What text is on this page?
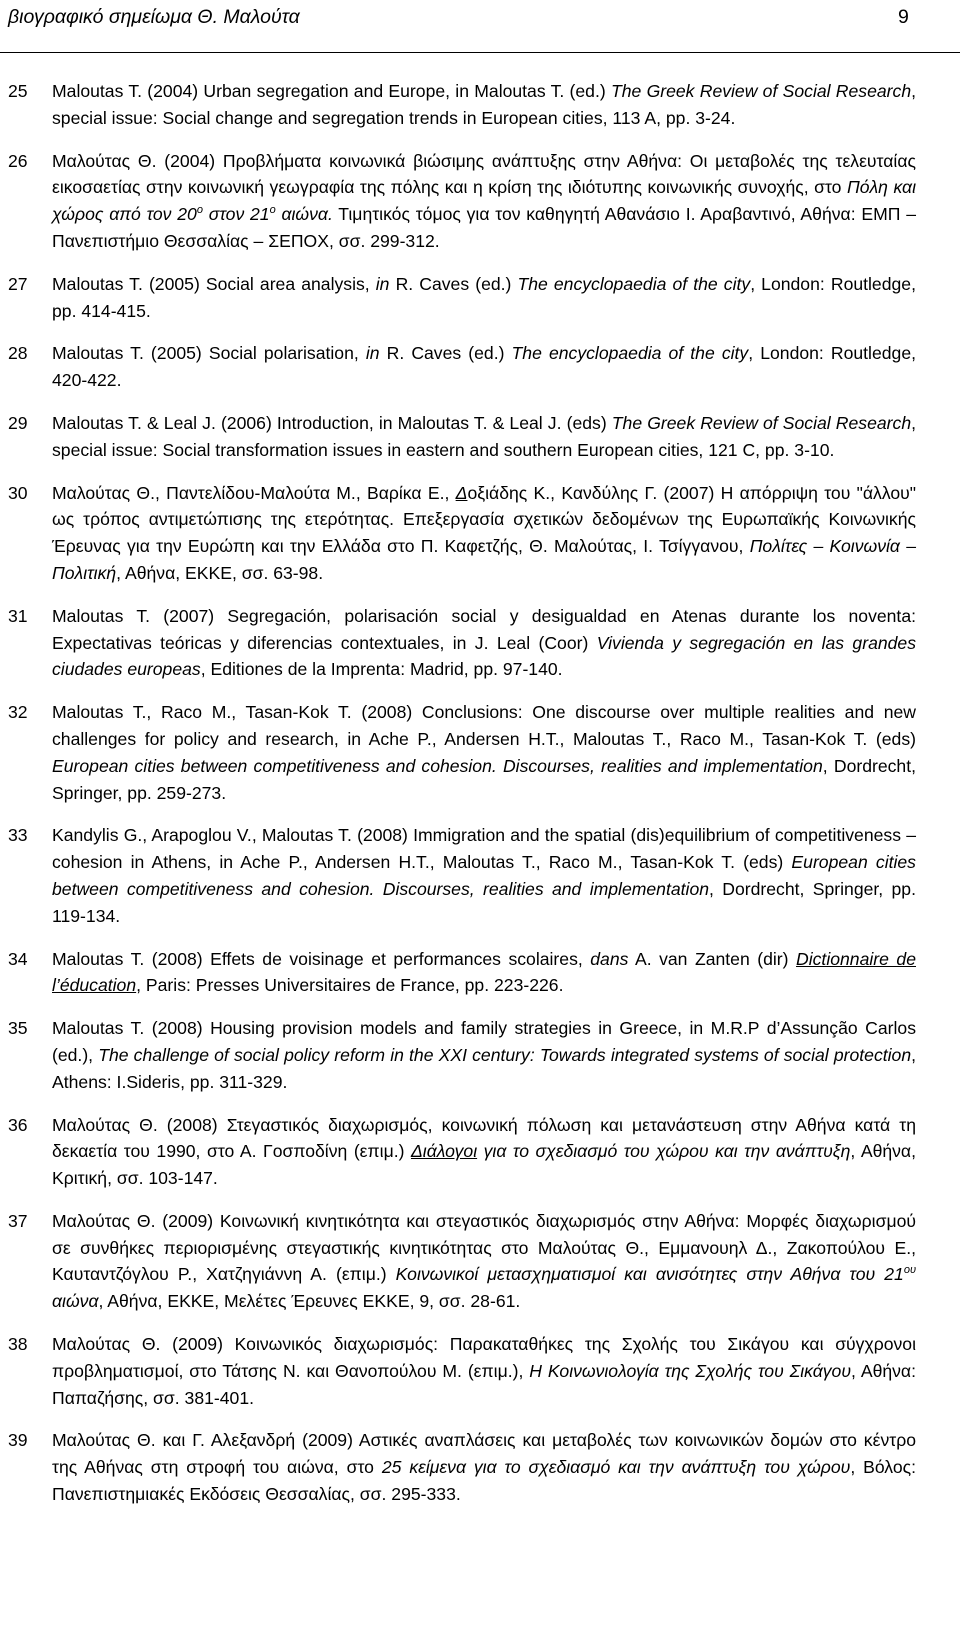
βιογραφικό σημείωμα Θ. Μαλούτα	9
25	Maloutas T. (2004) Urban segregation and Europe, in Maloutas T. (ed.) The Greek Review of Social Research, special issue: Social change and segregation trends in European cities, 113 A, pp. 3-24.
26	Μαλούτας Θ. (2004) Προβλήματα κοινωνικά βιώσιμης ανάπτυξης στην Αθήνα: Οι μεταβολές της τελευταίας εικοσαετίας στην κοινωνική γεωγραφία της πόλης και η κρίση της ιδιότυπης κοινωνικής συνοχής, στο Πόλη και χώρος από τον $20^o$ στον $21^o$ αιώνα. Τιμητικός τόμος για τον καθηγητή Αθανάσιο Ι. Αραβαντινό, Αθήνα: ΕΜΠ – Πανεπιστήμιο Θεσσαλίας – ΣΕΠΟΧ, σσ. 299-312.
27	Maloutas T. (2005) Social area analysis, in R. Caves (ed.) The encyclopaedia of the city, London: Routledge, pp. 414-415.
28	Maloutas T. (2005) Social polarisation, in R. Caves (ed.) The encyclopaedia of the city, London: Routledge, 420-422.
29	Maloutas T. & Leal J. (2006) Introduction, in Maloutas T. & Leal J. (eds) The Greek Review of Social Research, special issue: Social transformation issues in eastern and southern European cities, 121 C, pp. 3-10.
30	Μαλούτας Θ., Παντελίδου-Μαλούτα Μ., Βαρίκα Ε., Δοξιάδης Κ., Κανδύλης Γ. (2007) Η απόρριψη του "άλλου" ως τρόπος αντιμετώπισης της ετερότητας. Επεξεργασία σχετικών δεδομένων της Ευρωπαϊκής Κοινωνικής Έρευνας για την Ευρώπη και την Ελλάδα στο Π. Καφετζής, Θ. Μαλούτας, Ι. Τσίγγανου, Πολίτες – Κοινωνία – Πολιτική, Αθήνα, ΕΚΚΕ, σσ. 63-98.
31	Maloutas T. (2007) Segregación, polarisación social y desigualdad en Atenas durante los noventa: Expectativas teóricas y diferencias contextuales, in J. Leal (Coor) Vivienda y segregación en las grandes ciudades europeas, Editiones de la Imprenta: Madrid, pp. 97-140.
32	Maloutas T., Raco M., Tasan-Kok T. (2008) Conclusions: One discourse over multiple realities and new challenges for policy and research, in Ache P., Andersen H.T., Maloutas T., Raco M., Tasan-Kok T. (eds) European cities between competitiveness and cohesion. Discourses, realities and implementation, Dordrecht, Springer, pp. 259-273.
33	Kandylis G., Arapoglou V., Maloutas T. (2008) Immigration and the spatial (dis)equilibrium of competitiveness – cohesion in Athens, in Ache P., Andersen H.T., Maloutas T., Raco M., Tasan-Kok T. (eds) European cities between competitiveness and cohesion. Discourses, realities and implementation, Dordrecht, Springer, pp. 119-134.
34	Maloutas T. (2008) Effets de voisinage et performances scolaires, dans A. van Zanten (dir) Dictionnaire de l’éducation, Paris: Presses Universitaires de France, pp. 223-226.
35	Maloutas T. (2008) Housing provision models and family strategies in Greece, in M.R.P d’Assunção Carlos (ed.), The challenge of social policy reform in the XXI century: Towards integrated systems of social protection, Athens: I.Sideris, pp. 311-329.
36	Μαλούτας Θ. (2008) Στεγαστικός διαχωρισμός, κοινωνική πόλωση και μετανάστευση στην Αθήνα κατά τη δεκαετία του 1990, στο Α. Γοσποδίνη (επιμ.) Διάλογοι για το σχεδιασμό του χώρου και την ανάπτυξη, Αθήνα, Κριτική, σσ. 103-147.
37	Μαλούτας Θ. (2009) Κοινωνική κινητικότητα και στεγαστικός διαχωρισμός στην Αθήνα: Μορφές διαχωρισμού σε συνθήκες περιορισμένης στεγαστικής κινητικότητας στο Μαλούτας Θ., Εμμανουηλ Δ., Ζακοπούλου Ε., Καυταντζόγλου Ρ., Χατζηγιάννη Α. (επιμ.) Κοινωνικοί μετασχηματισμοί και ανισότητες στην Αθήνα του $21^{o\upsilon}$ αιώνα, Αθήνα, ΕΚΚΕ, Μελέτες Έρευνες ΕΚΚΕ, 9, σσ. 28-61.
38	Μαλούτας Θ. (2009) Κοινωνικός διαχωρισμός: Παρακαταθήκες της Σχολής του Σικάγου και σύγχρονοι προβληματισμοί, στο Τάτσης Ν. και Θανοπούλου Μ. (επιμ.), Η Κοινωνιολογία της Σχολής του Σικάγου, Αθήνα: Παπαζήσης, σσ. 381-401.
39	Μαλούτας Θ. και Γ. Αλεξανδρή (2009) Αστικές αναπλάσεις και μεταβολές των κοινωνικών δομών στο κέντρο της Αθήνας στη στροφή του αιώνα, στο 25 κείμενα για το σχεδιασμό και την ανάπτυξη του χώρου, Βόλος: Πανεπιστημιακές Εκδόσεις Θεσσαλίας, σσ. 295-333.
